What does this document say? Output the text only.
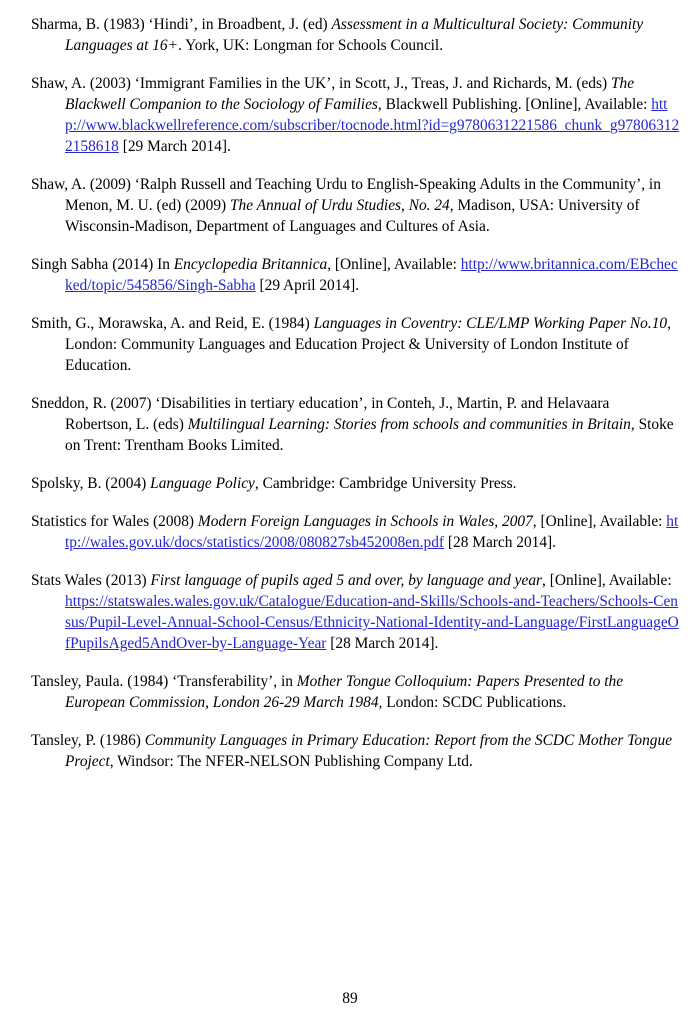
Sharma, B. (1983) ‘Hindi’, in Broadbent, J. (ed) Assessment in a Multicultural Society: Community Languages at 16+. York, UK: Longman for Schools Council.

Shaw, A. (2003) ‘Immigrant Families in the UK’, in Scott, J., Treas, J. and Richards, M. (eds) The Blackwell Companion to the Sociology of Families, Blackwell Publishing. [Online], Available: http://www.blackwellreference.com/subscriber/tocnode.html?id=g9780631221586_chunk_g978063122158618 [29 March 2014].

Shaw, A. (2009) ‘Ralph Russell and Teaching Urdu to English-Speaking Adults in the Community’, in Menon, M. U. (ed) (2009) The Annual of Urdu Studies, No. 24, Madison, USA: University of Wisconsin-Madison, Department of Languages and Cultures of Asia.

Singh Sabha (2014) In Encyclopedia Britannica, [Online], Available: http://www.britannica.com/EBchecked/topic/545856/Singh-Sabha [29 April 2014].

Smith, G., Morawska, A. and Reid, E. (1984) Languages in Coventry: CLE/LMP Working Paper No.10, London: Community Languages and Education Project & University of London Institute of Education.

Sneddon, R. (2007) ‘Disabilities in tertiary education’, in Conteh, J., Martin, P. and Helavaara Robertson, L. (eds) Multilingual Learning: Stories from schools and communities in Britain, Stoke on Trent: Trentham Books Limited.

Spolsky, B. (2004) Language Policy, Cambridge: Cambridge University Press.

Statistics for Wales (2008) Modern Foreign Languages in Schools in Wales, 2007, [Online], Available: http://wales.gov.uk/docs/statistics/2008/080827sb452008en.pdf [28 March 2014].

Stats Wales (2013) First language of pupils aged 5 and over, by language and year, [Online], Available: https://statswales.wales.gov.uk/Catalogue/Education-and-Skills/Schools-and-Teachers/Schools-Census/Pupil-Level-Annual-School-Census/Ethnicity-National-Identity-and-Language/FirstLanguageOfPupilsAged5AndOver-by-Language-Year [28 March 2014].

Tansley, Paula. (1984) ‘Transferability’, in Mother Tongue Colloquium: Papers Presented to the European Commission, London 26-29 March 1984, London: SCDC Publications.

Tansley, P. (1986) Community Languages in Primary Education: Report from the SCDC Mother Tongue Project, Windsor: The NFER-NELSON Publishing Company Ltd.

89
